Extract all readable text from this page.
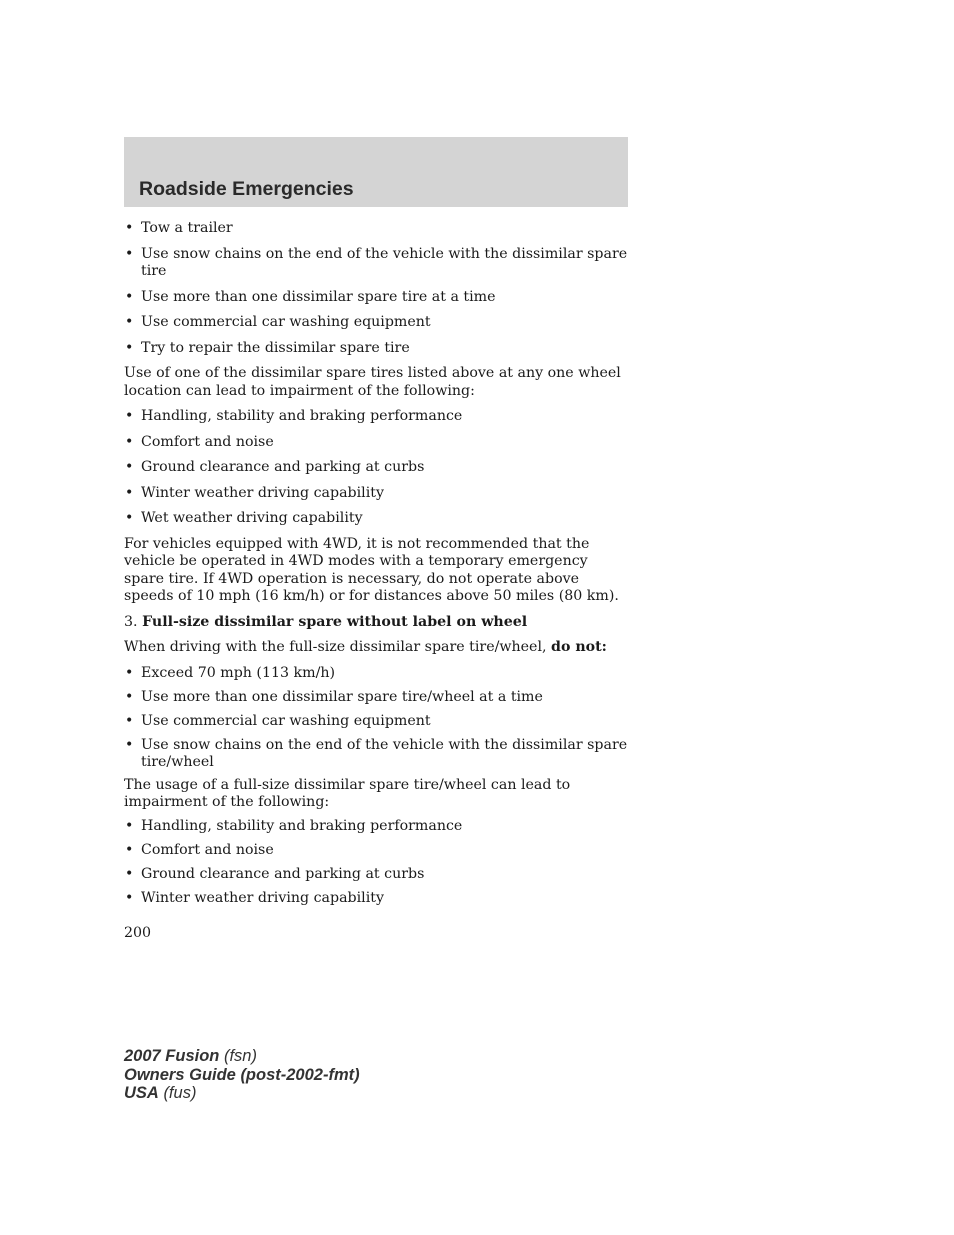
Roadside Emergencies
• Tow a trailer
• Use snow chains on the end of the vehicle with the dissimilar spare tire
• Use more than one dissimilar spare tire at a time
• Use commercial car washing equipment
• Try to repair the dissimilar spare tire

Use of one of the dissimilar spare tires listed above at any one wheel location can lead to impairment of the following:

• Handling, stability and braking performance
• Comfort and noise
• Ground clearance and parking at curbs
• Winter weather driving capability
• Wet weather driving capability

For vehicles equipped with 4WD, it is not recommended that the vehicle be operated in 4WD modes with a temporary emergency spare tire. If 4WD operation is necessary, do not operate above speeds of 10 mph (16 km/h) or for distances above 50 miles (80 km).

3. Full-size dissimilar spare without label on wheel

When driving with the full-size dissimilar spare tire/wheel, do not:

• Exceed 70 mph (113 km/h)
• Use more than one dissimilar spare tire/wheel at a time
• Use commercial car washing equipment
• Use snow chains on the end of the vehicle with the dissimilar spare tire/wheel

The usage of a full-size dissimilar spare tire/wheel can lead to impairment of the following:

• Handling, stability and braking performance
• Comfort and noise
• Ground clearance and parking at curbs
• Winter weather driving capability
200
2007 Fusion (fsn)
Owners Guide (post-2002-fmt)
USA (fus)
